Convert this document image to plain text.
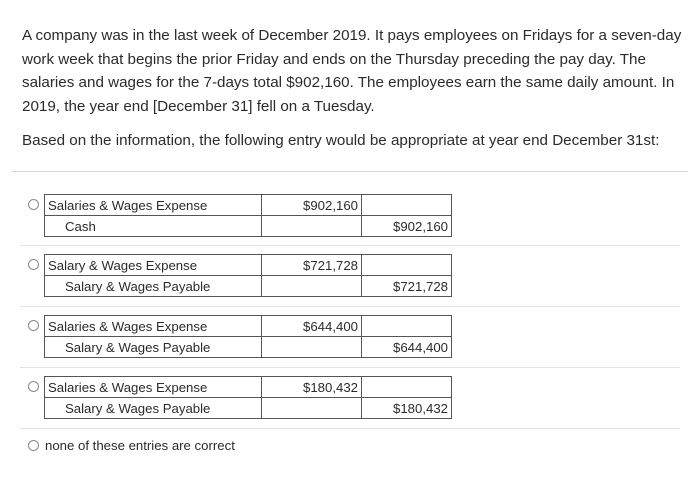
A company was in the last week of December 2019. It pays employees on Fridays for a seven-day work week that begins the prior Friday and ends on the Thursday preceding the pay day. The salaries and wages for the 7-days total $902,160. The employees earn the same daily amount. In 2019, the year end [December 31] fell on a Tuesday.

Based on the information, the following entry would be appropriate at year end December 31st:
Salaries & Wages Expense	$902,160	
Cash		$902,160
Salary & Wages Expense	$721,728	
Salary & Wages Payable		$721,728
Salaries & Wages Expense	$644,400	
Salary & Wages Payable		$644,400
Salaries & Wages Expense	$180,432	
Salary & Wages Payable		$180,432
none of these entries are correct
